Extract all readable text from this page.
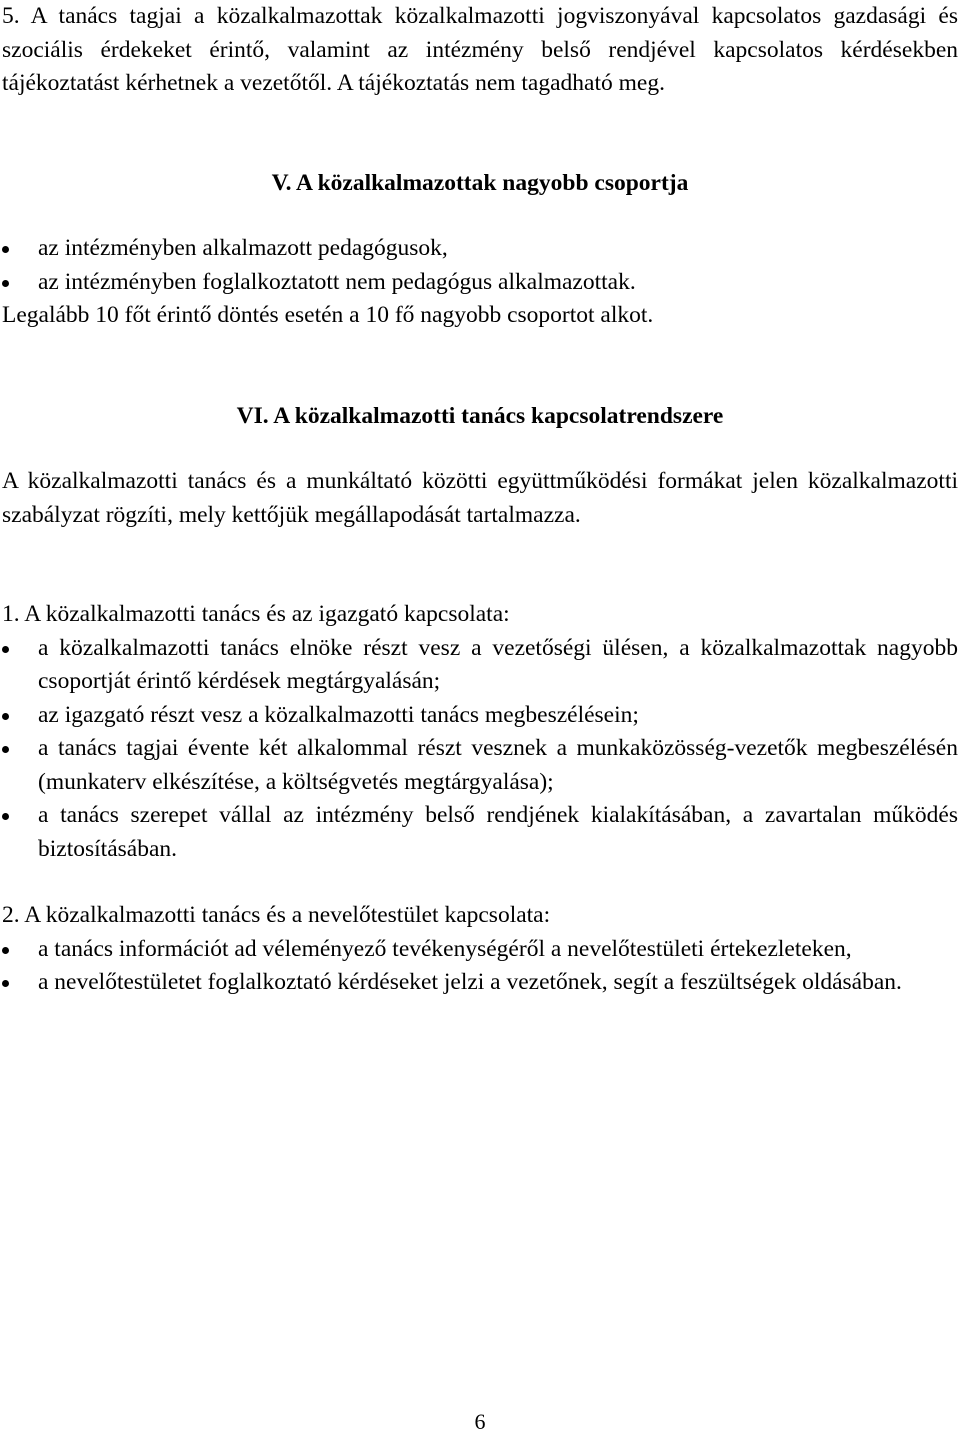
5. A tanács tagjai a közalkalmazottak közalkalmazotti jogviszonyával kapcsolatos gazdasági és szociális érdekeket érintő, valamint az intézmény belső rendjével kapcsolatos kérdésekben tájékoztatást kérhetnek a vezetőtől. A tájékoztatás nem tagadható meg.

V. A közalkalmazottak nagyobb csoportja

az intézményben alkalmazott pedagógusok,
az intézményben foglalkoztatott nem pedagógus alkalmazottak.

Legalább 10 főt érintő döntés esetén a 10 fő nagyobb csoportot alkot.

VI. A közalkalmazotti tanács kapcsolatrendszere

A közalkalmazotti tanács és a munkáltató közötti együttműködési formákat jelen közalkalmazotti szabályzat rögzíti, mely kettőjük megállapodását tartalmazza.

1. A közalkalmazotti tanács és az igazgató kapcsolata:

a közalkalmazotti tanács elnöke részt vesz a vezetőségi ülésen, a közalkalmazottak nagyobb csoportját érintő kérdések megtárgyalásán;
az igazgató részt vesz a közalkalmazotti tanács megbeszélésein;
a tanács tagjai évente két alkalommal részt vesznek a munkaközösség-vezetők megbeszélésén (munkaterv elkészítése, a költségvetés megtárgyalása);
a tanács szerepet vállal az intézmény belső rendjének kialakításában, a zavartalan működés biztosításában.

2. A közalkalmazotti tanács és a nevelőtestület kapcsolata:

a tanács információt ad véleményező tevékenységéről a nevelőtestületi értekezleteken,
a nevelőtestületet foglalkoztató kérdéseket jelzi a vezetőnek, segít a feszültségek oldásában.
6
